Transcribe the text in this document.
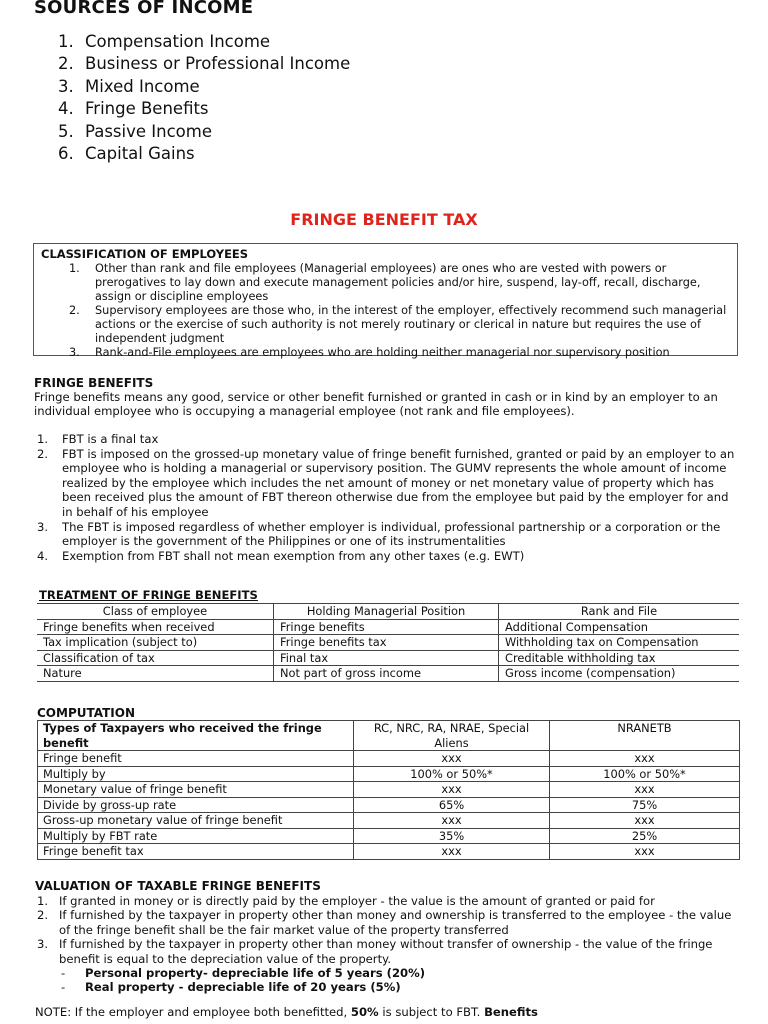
SOURCES OF INCOME
1. Compensation Income
2. Business or Professional Income
3. Mixed Income
4. Fringe Benefits
5. Passive Income
6. Capital Gains
FRINGE BENEFIT TAX
CLASSIFICATION OF EMPLOYEES
1. Other than rank and file employees (Managerial employees) are ones who are vested with powers or prerogatives to lay down and execute management policies and/or hire, suspend, lay-off, recall, discharge, assign or discipline employees
2. Supervisory employees are those who, in the interest of the employer, effectively recommend such managerial actions or the exercise of such authority is not merely routinary or clerical in nature but requires the use of independent judgment
3. Rank-and-File employees are employees who are holding neither managerial nor supervisory position
FRINGE BENEFITS

Fringe benefits means any good, service or other benefit furnished or granted in cash or in kind by an employer to an individual employee who is occupying a managerial employee (not rank and file employees).

1. FBT is a final tax
2. FBT is imposed on the grossed-up monetary value of fringe benefit furnished, granted or paid by an employer to an employee who is holding a managerial or supervisory position. The GUMV represents the whole amount of income realized by the employee which includes the net amount of money or net monetary value of property which has been received plus the amount of FBT thereon otherwise due from the employee but paid by the employer for and in behalf of his employee
3. The FBT is imposed regardless of whether employer is individual, professional partnership or a corporation or the employer is the government of the Philippines or one of its instrumentalities
4. Exemption from FBT shall not mean exemption from any other taxes (e.g. EWT)
TREATMENT OF FRINGE BENEFITS
Class of employee	Holding Managerial Position	Rank and File
Fringe benefits when received	Fringe benefits	Additional Compensation
Tax implication (subject to)	Fringe benefits tax	Withholding tax on Compensation
Classification of tax	Final tax	Creditable withholding tax
Nature	Not part of gross income	Gross income (compensation)
COMPUTATION
Types of Taxpayers who received the fringe benefit	RC, NRC, RA, NRAE, Special Aliens	NRANETB
Fringe benefit	xxx	xxx
Multiply by	100% or 50%*	100% or 50%*
Monetary value of fringe benefit	xxx	xxx
Divide by gross-up rate	65%	75%
Gross-up monetary value of fringe benefit	xxx	xxx
Multiply by FBT rate	35%	25%
Fringe benefit tax	xxx	xxx
VALUATION OF TAXABLE FRINGE BENEFITS
1. If granted in money or is directly paid by the employer - the value is the amount of granted or paid for
2. If furnished by the taxpayer in property other than money and ownership is transferred to the employee - the value of the fringe benefit shall be the fair market value of the property transferred
3. If furnished by the taxpayer in property other than money without transfer of ownership - the value of the fringe benefit is equal to the depreciation value of the property.
- Personal property- depreciable life of 5 years (20%)
- Real property - depreciable life of 20 years (5%)

NOTE: If the employer and employee both benefitted, 50% is subject to FBT. Benefits
